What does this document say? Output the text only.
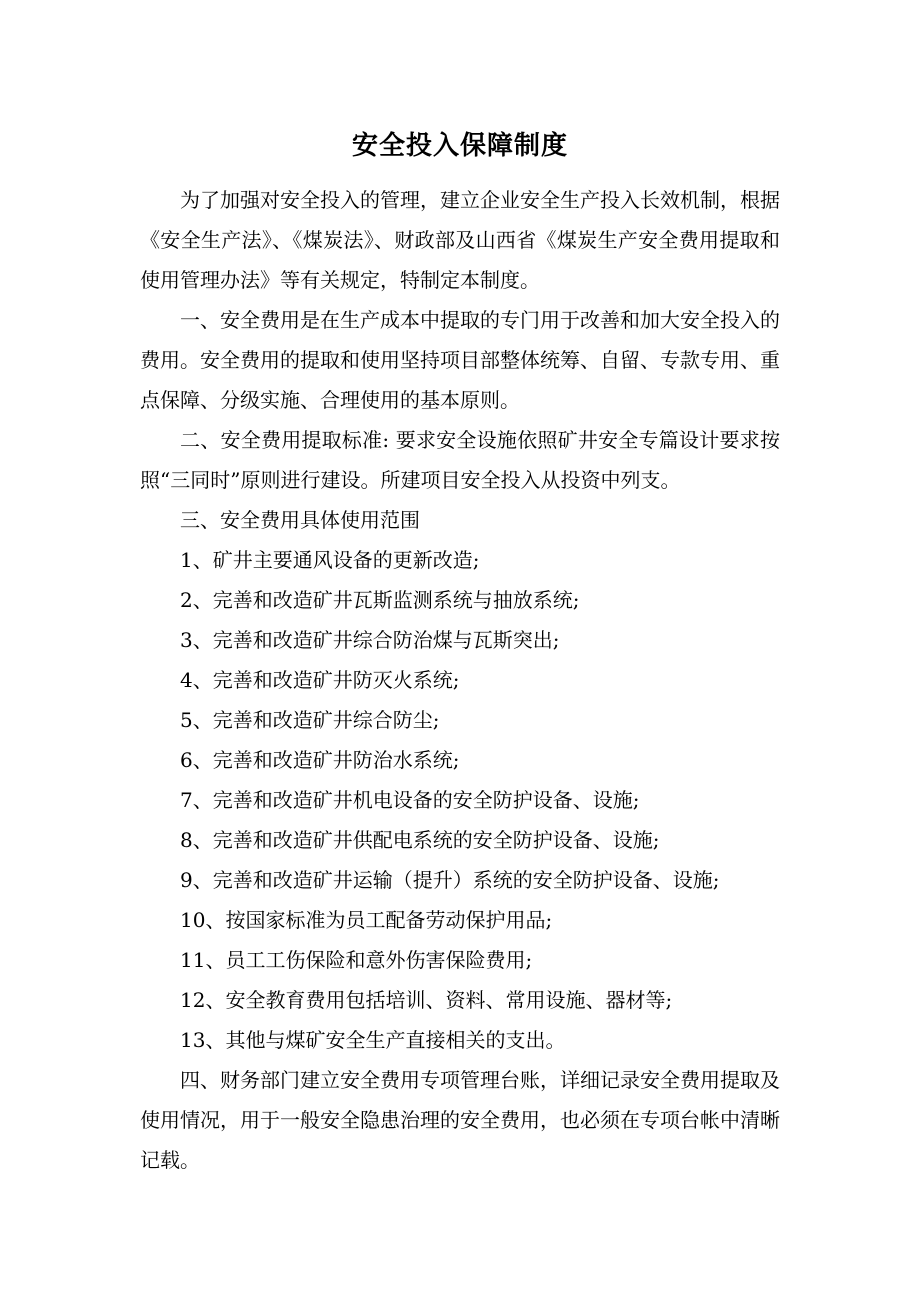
安全投入保障制度

为了加强对安全投入的管理，建立企业安全生产投入长效机制，根据《安全生产法》、《煤炭法》、财政部及山西省《煤炭生产安全费用提取和使用管理办法》等有关规定，特制定本制度。

一、安全费用是在生产成本中提取的专门用于改善和加大安全投入的费用。安全费用的提取和使用坚持项目部整体统筹、自留、专款专用、重点保障、分级实施、合理使用的基本原则。

二、安全费用提取标准: 要求安全设施依照矿井安全专篇设计要求按照“三同时”原则进行建设。所建项目安全投入从投资中列支。

三、安全费用具体使用范围

1、矿井主要通风设备的更新改造;

2、完善和改造矿井瓦斯监测系统与抽放系统;

3、完善和改造矿井综合防治煤与瓦斯突出;

4、完善和改造矿井防灭火系统;

5、完善和改造矿井综合防尘;

6、完善和改造矿井防治水系统;

7、完善和改造矿井机电设备的安全防护设备、设施;

8、完善和改造矿井供配电系统的安全防护设备、设施;

9、完善和改造矿井运输（提升）系统的安全防护设备、设施;

10、按国家标准为员工配备劳动保护用品;

11、员工工伤保险和意外伤害保险费用;

12、安全教育费用包括培训、资料、常用设施、器材等;

13、其他与煤矿安全生产直接相关的支出。

四、财务部门建立安全费用专项管理台账，详细记录安全费用提取及使用情况，用于一般安全隐患治理的安全费用，也必须在专项台帐中清晰记载。
